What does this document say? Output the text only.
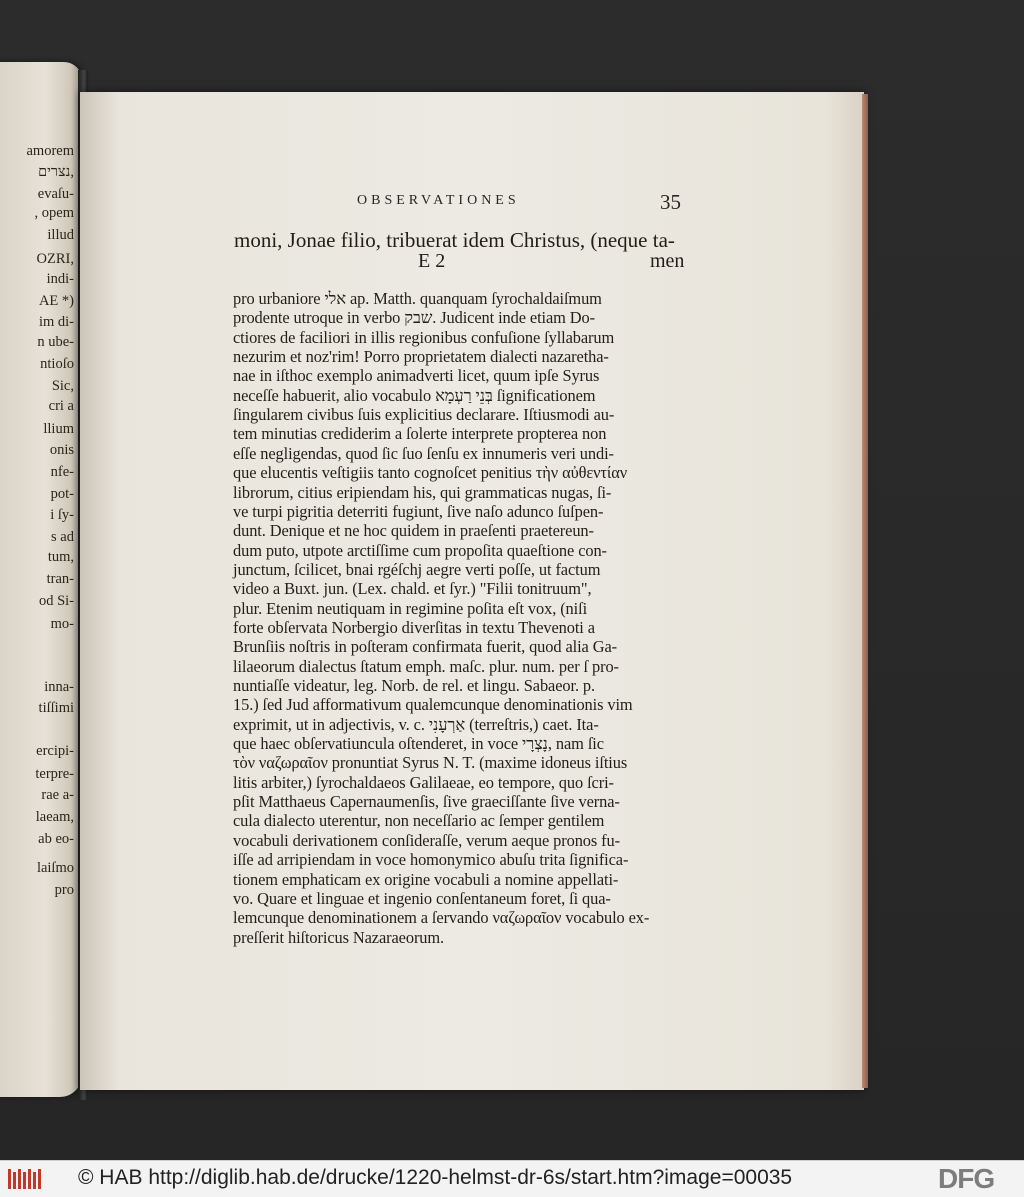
amorem
נצרים,
evaſu-
, opem
illud
OZRI,
indi-
AE *)
im di-
n ube-
ntioſo
Sic,
cri a
llium
onis
nfe-
pot-
i ſy-
s ad
tum,
tran-
od Si-
mo-
inna-
tiſſimi
ercipi-
terpre-
rae a-
laeam,
ab eo-
laiſmo
pro
OBSERVATIONES	35
moni, Jonae filio, tribuerat idem Christus, (neque ta-
E 2	men
pro urbaniore אלי ap. Matth. quanquam ſyrochaldaiſmum
prodente utroque in verbo שבק. Judicent inde etiam Do-
ctiores de faciliori in illis regionibus confuſione ſyllabarum
nezurim et noz'rim! Porro proprietatem dialecti nazaretha-
nae in iſthoc exemplo animadverti licet, quum ipſe Syrus
neceſſe habuerit, alio vocabulo בְּנֵי רַעְמָא ſignificationem
ſingularem civibus ſuis explicitius declarare. Iſtiusmodi au-
tem minutias crediderim a ſolerte interprete propterea non
eſſe negligendas, quod ſic ſuo ſenſu ex innumeris veri undi-
que elucentis veſtigiis tanto cognoſcet penitius τὴν αὐθεντίαν
librorum, citius eripiendam his, qui grammaticas nugas, ſi-
ve turpi pigritia deterriti fugiunt, ſive naſo adunco ſuſpen-
dunt. Denique et ne hoc quidem in praeſenti praetereun-
dum puto, utpote arctiſſime cum propoſita quaeſtione con-
junctum, ſcilicet, bnai rgéſchj aegre verti poſſe, ut factum
video a Buxt. jun. (Lex. chald. et ſyr.) "Filii tonitruum",
plur. Etenim neutiquam in regimine poſita eſt vox, (niſi
forte obſervata Norbergio diverſitas in textu Thevenoti a
Brunſiis noſtris in poſteram confirmata fuerit, quod alia Ga-
lilaeorum dialectus ſtatum emph. maſc. plur. num. per ſ pro-
nuntiaſſe videatur, leg. Norb. de rel. et lingu. Sabaeor. p.
15.) ſed Jud afformativum qualemcunque denominationis vim
exprimit, ut in adjectivis, v. c. אַרְעָנִי (terreſtris,) caet. Ita-
que haec obſervatiuncula oſtenderet, in voce נָצְרָי, nam ſic
τὸν ναζωραῖον pronuntiat Syrus N. T. (maxime idoneus iſtius
litis arbiter,) ſyrochaldaeos Galilaeae, eo tempore, quo ſcri-
pſit Matthaeus Capernaumenſis, ſive graeciſſante ſive verna-
cula dialecto uterentur, non neceſſario ac ſemper gentilem
vocabuli derivationem conſideraſſe, verum aeque pronos fu-
iſſe ad arripiendam in voce homonymico abuſu trita ſignifica-
tionem emphaticam ex origine vocabuli a nomine appellati-
vo. Quare et linguae et ingenio conſentaneum foret, ſi qua-
lemcunque denominationem a ſervando ναζωραῖον vocabulo ex-
preſſerit hiſtoricus Nazaraeorum.
© HAB http://diglib.hab.de/drucke/1220-helmst-dr-6s/start.htm?image=00035	DFG
